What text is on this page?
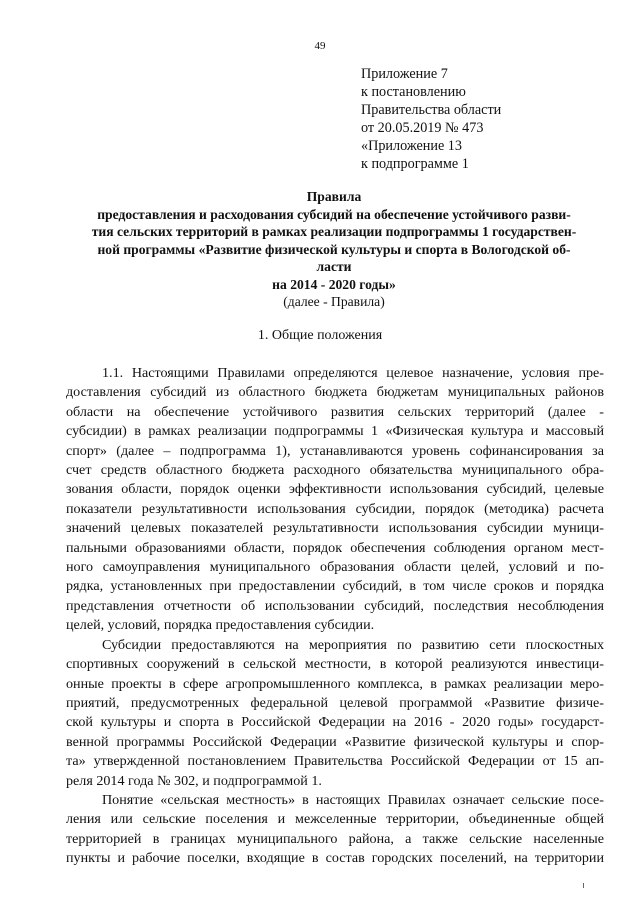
49
Приложение 7
к постановлению
Правительства области
от 20.05.2019 № 473
«Приложение 13
к подпрограмме 1
Правила
предоставления и расходования субсидий на обеспечение устойчивого разви-
тия сельских территорий в рамках реализации подпрограммы 1 государствен-
ной программы «Развитие физической культуры и спорта в Вологодской об-
ласти
на 2014 - 2020 годы»
(далее - Правила)
1. Общие положения
1.1. Настоящими Правилами определяются целевое назначение, условия пре-
доставления субсидий из областного бюджета бюджетам муниципальных районов
области на обеспечение устойчивого развития сельских территорий (далее -
субсидии) в рамках реализации подпрограммы 1 «Физическая культура и массовый
спорт» (далее – подпрограмма 1), устанавливаются уровень софинансирования за
счет средств областного бюджета расходного обязательства муниципального обра-
зования области, порядок оценки эффективности использования субсидий, целевые
показатели результативности использования субсидии, порядок (методика) расчета
значений целевых показателей результативности использования субсидии муници-
пальными образованиями области, порядок обеспечения соблюдения органом мест-
ного самоуправления муниципального образования области целей, условий и по-
рядка, установленных при предоставлении субсидий, в том числе сроков и порядка
представления отчетности об использовании субсидий, последствия несоблюдения
целей, условий, порядка предоставления субсидии.
Субсидии предоставляются на мероприятия по развитию сети плоскостных
спортивных сооружений в сельской местности, в которой реализуются инвестици-
онные проекты в сфере агропромышленного комплекса, в рамках реализации меро-
приятий, предусмотренных федеральной целевой программой «Развитие физиче-
ской культуры и спорта в Российской Федерации на 2016 - 2020 годы» государст-
венной программы Российской Федерации «Развитие физической культуры и спор-
та» утвержденной постановлением Правительства Российской Федерации от 15 ап-
реля 2014 года № 302, и подпрограммой 1.
Понятие «сельская местность» в настоящих Правилах означает сельские посе-
ления или сельские поселения и межселенные территории, объединенные общей
территорией в границах муниципального района, а также сельские населенные
пункты и рабочие поселки, входящие в состав городских поселений, на территории
